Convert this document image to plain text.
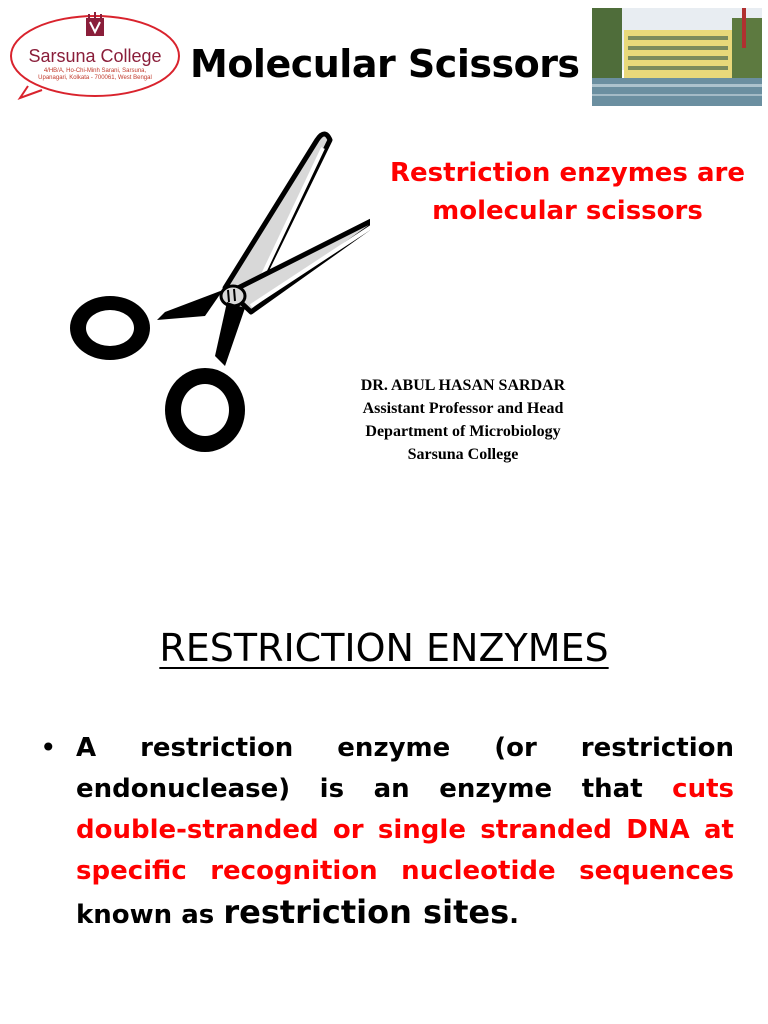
Sarsuna College
4/HB/A, Ho-Chi-Minh Sarani, Sarsuna, Upanagari, Kolkata - 700061, West Bengal Molecular Scissors
Restriction enzymes are
molecular scissors
DR. ABUL HASAN SARDAR
Assistant Professor and Head
Department of Microbiology
Sarsuna College
RESTRICTION ENZYMES
• A restriction enzyme (or restriction endonuclease) is an enzyme that cuts double-stranded or single stranded DNA at specific recognition nucleotide sequences known as restriction sites.
